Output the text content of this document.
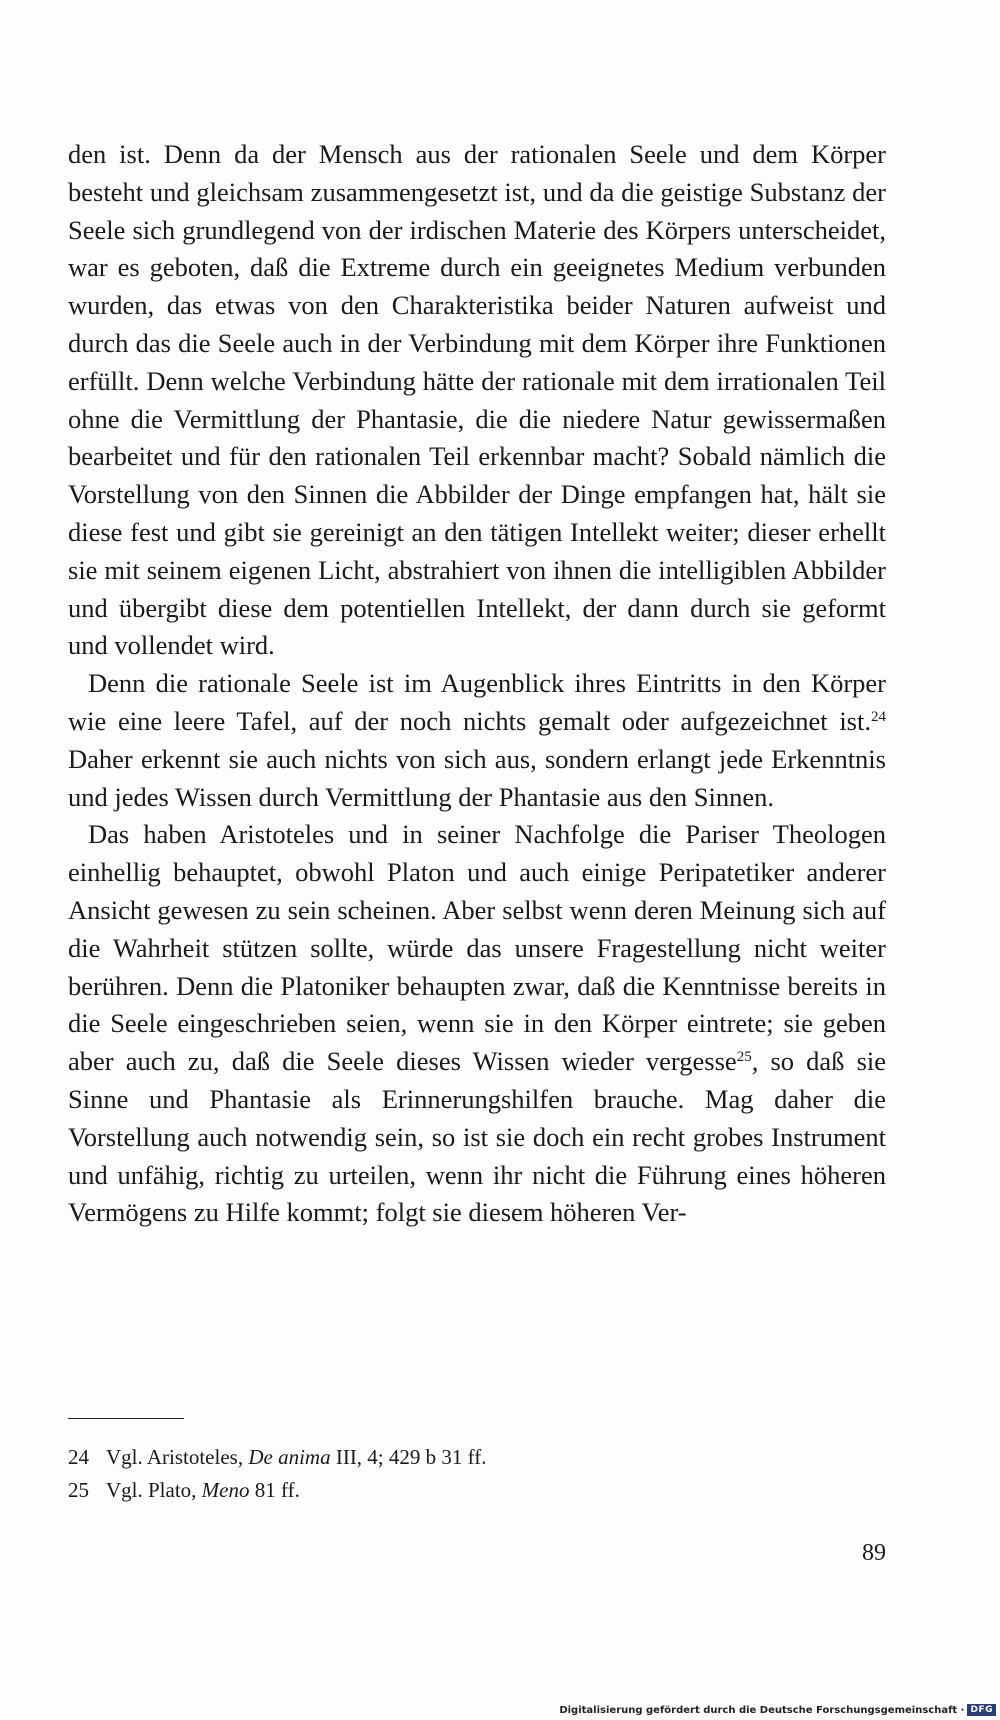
den ist. Denn da der Mensch aus der rationalen Seele und dem Körper besteht und gleichsam zusammengesetzt ist, und da die geistige Substanz der Seele sich grundlegend von der irdischen Materie des Körpers unterscheidet, war es geboten, daß die Extreme durch ein geeignetes Medium verbunden wurden, das etwas von den Charakteristika beider Naturen aufweist und durch das die Seele auch in der Verbindung mit dem Körper ihre Funktionen erfüllt. Denn welche Verbindung hätte der rationale mit dem irrationalen Teil ohne die Vermittlung der Phantasie, die die niedere Natur gewissermaßen bearbeitet und für den rationalen Teil erkennbar macht? Sobald nämlich die Vorstellung von den Sinnen die Abbilder der Dinge empfangen hat, hält sie diese fest und gibt sie gereinigt an den tätigen Intellekt weiter; dieser erhellt sie mit seinem eigenen Licht, abstrahiert von ihnen die intelligiblen Abbilder und übergibt diese dem potentiellen Intellekt, der dann durch sie geformt und vollendet wird.

Denn die rationale Seele ist im Augenblick ihres Eintritts in den Körper wie eine leere Tafel, auf der noch nichts gemalt oder aufgezeichnet ist.$^{24}$ Daher erkennt sie auch nichts von sich aus, sondern erlangt jede Erkenntnis und jedes Wissen durch Vermittlung der Phantasie aus den Sinnen.

Das haben Aristoteles und in seiner Nachfolge die Pariser Theologen einhellig behauptet, obwohl Platon und auch einige Peripatetiker anderer Ansicht gewesen zu sein scheinen. Aber selbst wenn deren Meinung sich auf die Wahrheit stützen sollte, würde das unsere Fragestellung nicht weiter berühren. Denn die Platoniker behaupten zwar, daß die Kenntnisse bereits in die Seele eingeschrieben seien, wenn sie in den Körper eintrete; sie geben aber auch zu, daß die Seele dieses Wissen wieder vergesse$^{25}$, so daß sie Sinne und Phantasie als Erinnerungshilfen brauche. Mag daher die Vorstellung auch notwendig sein, so ist sie doch ein recht grobes Instrument und unfähig, richtig zu urteilen, wenn ihr nicht die Führung eines höheren Vermögens zu Hilfe kommt; folgt sie diesem höheren Ver-

24 Vgl. Aristoteles, De anima III, 4; 429 b 31 ff.
25 Vgl. Plato, Meno 81 ff.
89
Digitalisierung gefördert durch die Deutsche Forschungsgemeinschaft · DFG
